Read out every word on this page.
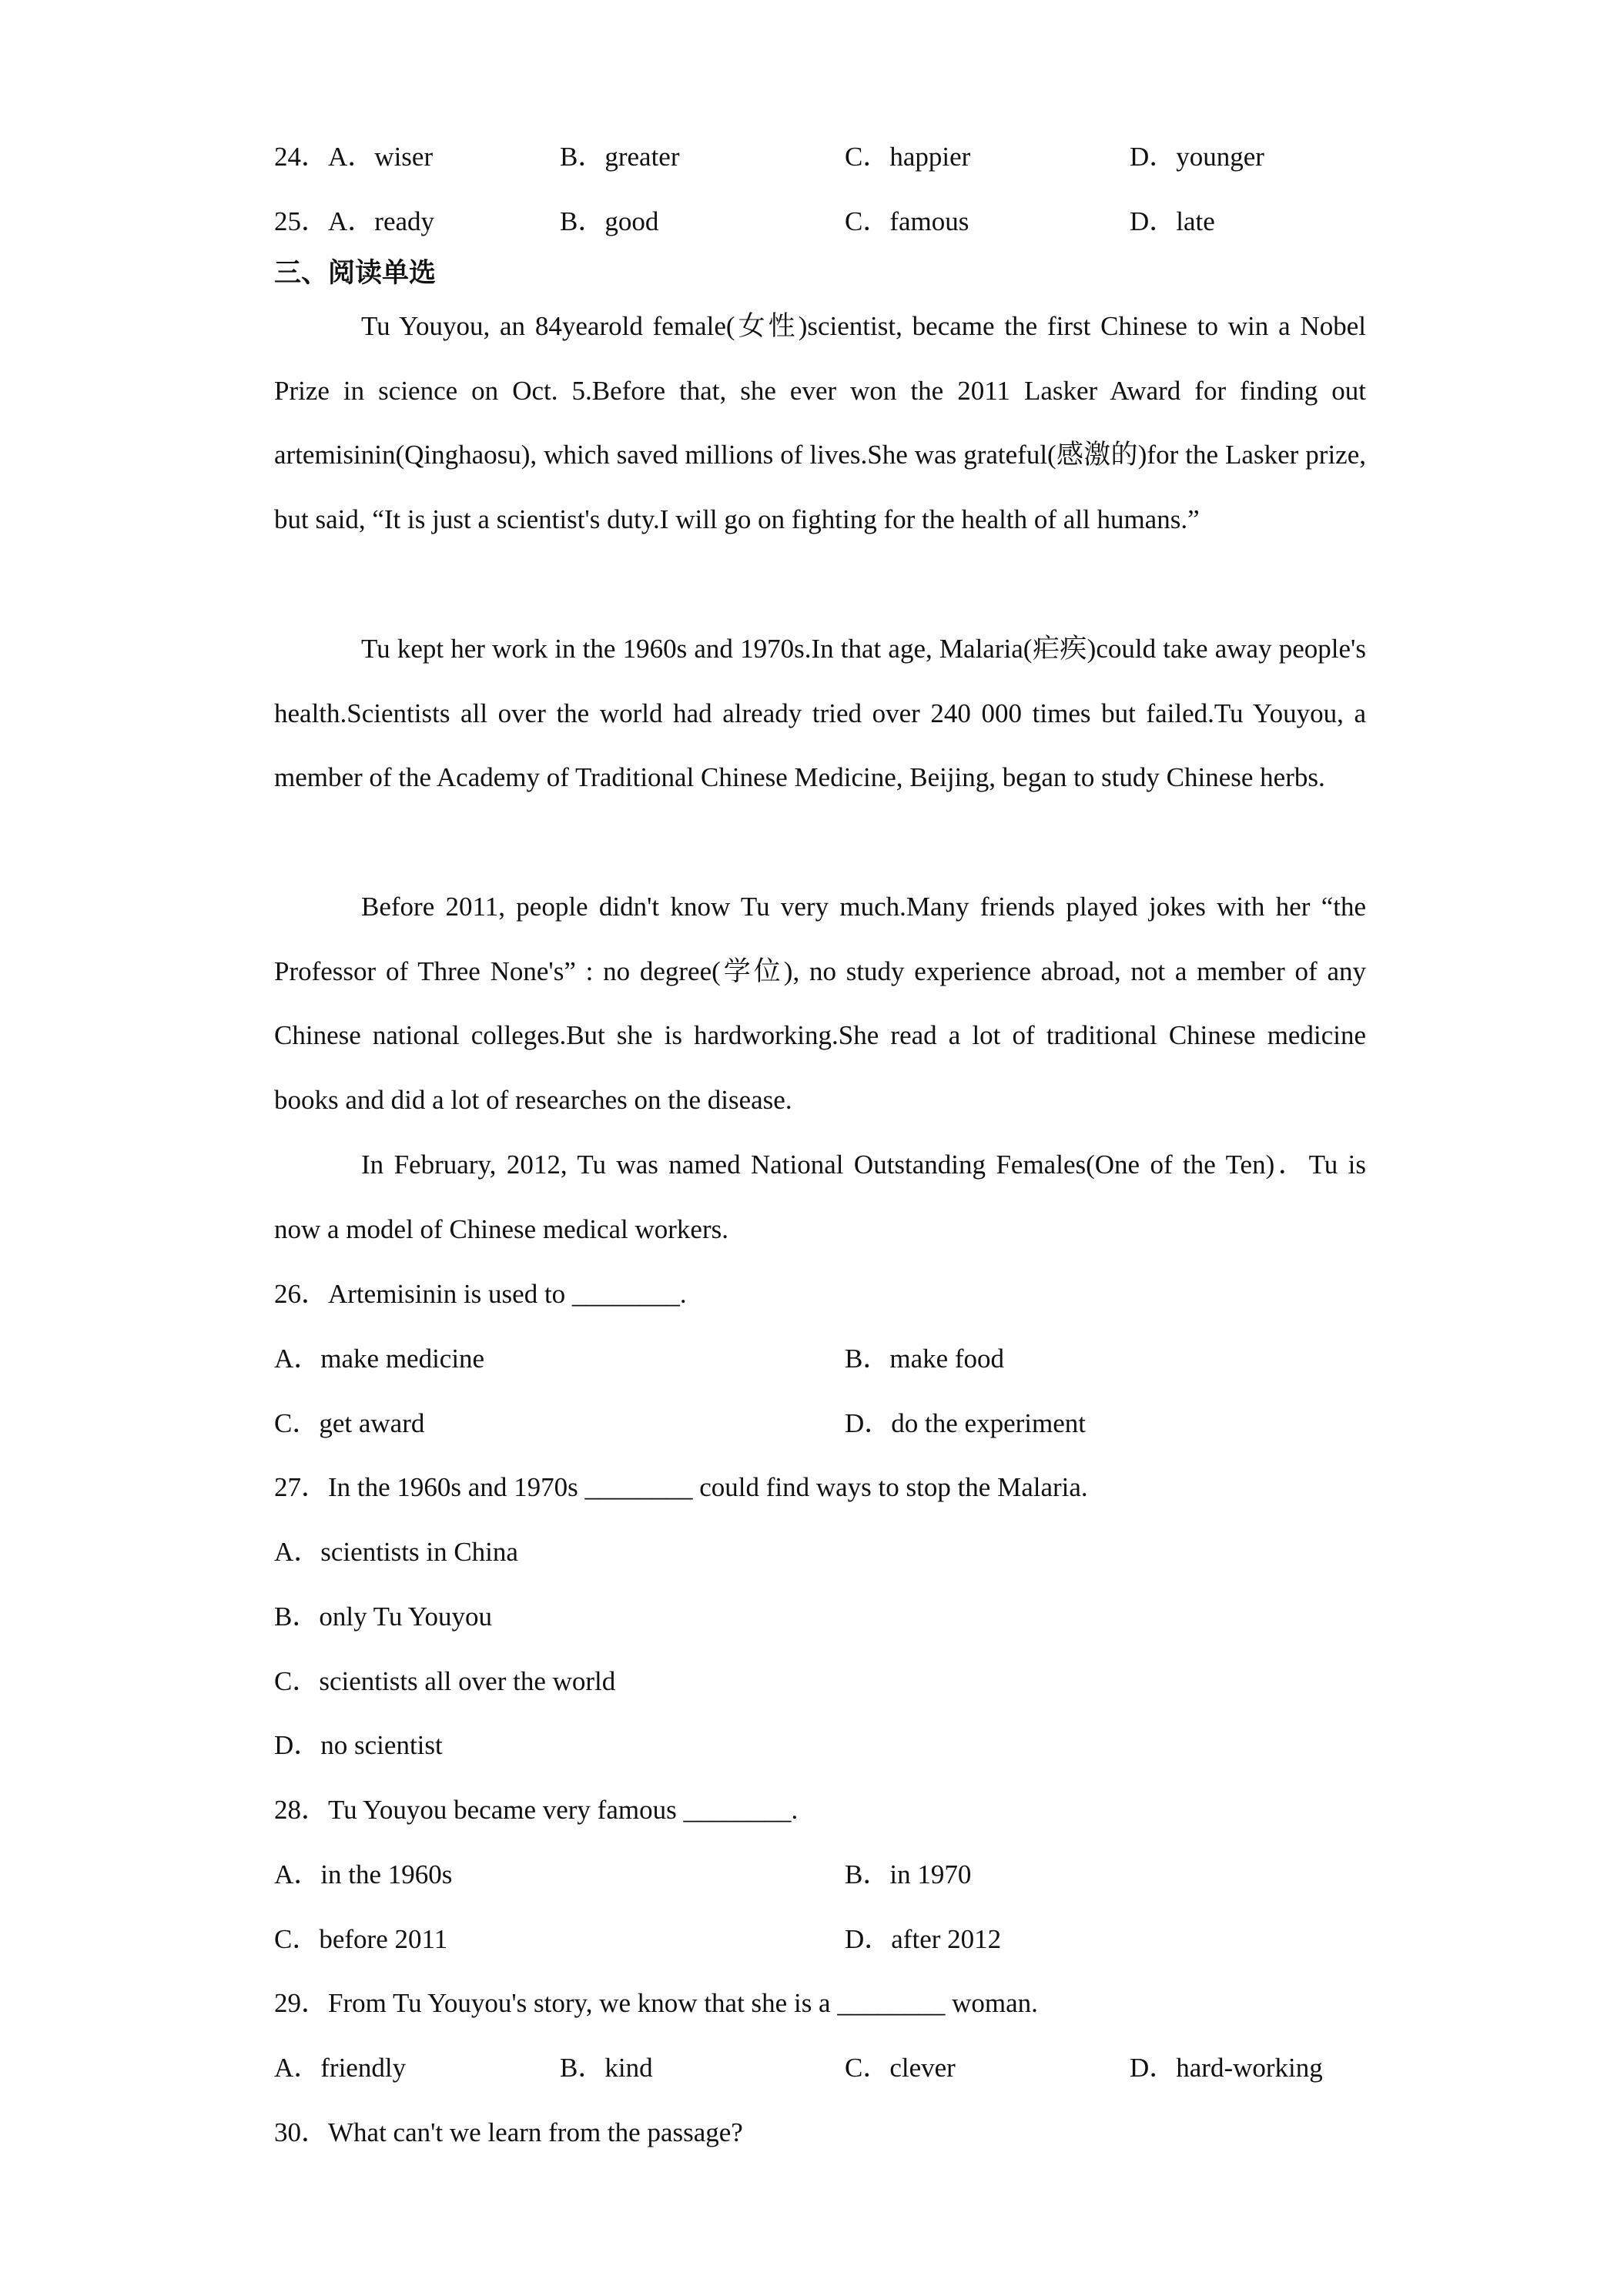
24．A．wiser	B．greater	C．happier	D．younger
25．A．ready	B．good	C．famous	D．late
三、阅读单选

Tu Youyou, an 84yearold female(女性)scientist, became the first Chinese to win a Nobel Prize in science on Oct. 5.Before that, she ever won the 2011 Lasker Award for finding out artemisinin(Qinghaosu), which saved millions of lives.She was grateful(感激的)for the Lasker prize, but said, “It is just a scientist's duty.I will go on fighting for the health of all humans.”

Tu kept her work in the 1960s and 1970s.In that age, Malaria(疟疾)could take away people's health.Scientists all over the world had already tried over 240 000 times but failed.Tu Youyou, a member of the Academy of Traditional Chinese Medicine, Beijing, began to study Chinese herbs.

Before 2011, people didn't know Tu very much.Many friends played jokes with her “the Professor of Three None's” : no degree(学位), no study experience abroad, not a member of any Chinese national colleges.But she is hardworking.She read a lot of traditional Chinese medicine books and did a lot of researches on the disease.

In February, 2012, Tu was named National Outstanding Females(One of the Ten)．Tu is now a model of Chinese medical workers.

26．Artemisinin is used to ________.
A．make medicine	B．make food
C．get award	D．do the experiment
27．In the 1960s and 1970s ________ could find ways to stop the Malaria.
A．scientists in China
B．only Tu Youyou
C．scientists all over the world
D．no scientist
28．Tu Youyou became very famous ________.
A．in the 1960s	B．in 1970
C．before 2011	D．after 2012
29．From Tu Youyou's story, we know that she is a ________ woman.
A．friendly	B．kind	C．clever	D．hard-working
30．What can't we learn from the passage?
